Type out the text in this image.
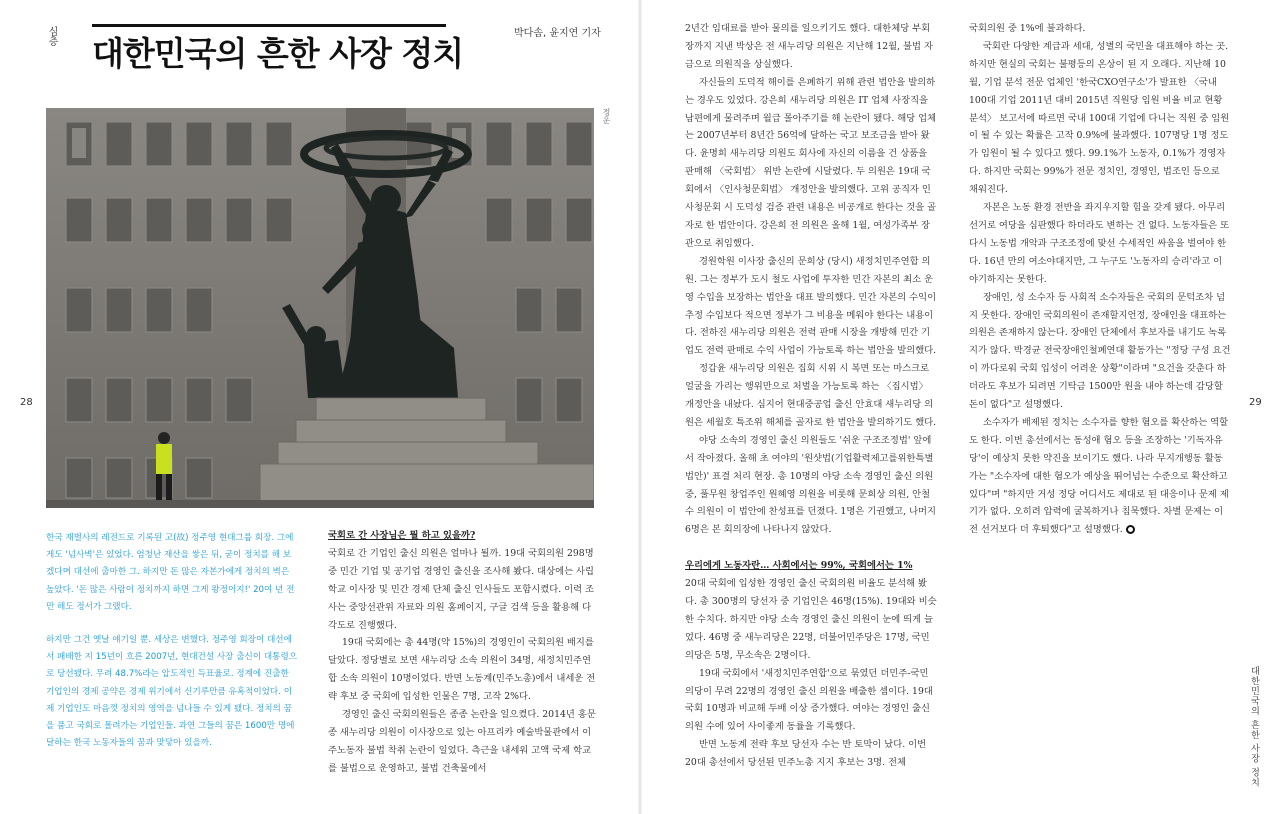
심층 대한민국의 흔한 사장 정치
박다솜, 윤지연 기자
정운
28

한국 재벌사의 레전드로 기록된 고(故) 정주영 현대그룹 회장. 그에게도 '넘사벽'은 있었다. 엄청난 재산을 쌓은 뒤, 굳이 정치를 해 보겠다며 대선에 출마한 그. 하지만 돈 많은 자본가에게 정치의 벽은 높았다. '돈 많은 사람이 정치까지 하면 그게 왕정이지!' 20여 년 전만 해도 정서가 그랬다.

하지만 그건 옛날 얘기일 뿐. 세상은 변했다. 정주영 회장이 대선에서 패배한 지 15년이 흐른 2007년, 현대건설 사장 출신이 대통령으로 당선됐다. 무려 48.7%라는 압도적인 득표율로. 정계에 진출한 기업인의 경제 공약은 경제 위기에서 신기루만큼 유혹적이었다. 이제 기업인도 마음껏 정치의 영역을 넘나들 수 있게 됐다. 정치의 꿈을 품고 국회로 몰려가는 기업인들. 과연 그들의 꿈은 1600만 명에 달하는 한국 노동자들의 꿈과 맞닿아 있을까.

국회로 간 사장님은 뭘 하고 있을까?

국회로 간 기업인 출신 의원은 얼마나 될까. 19대 국회의원 298명 중 민간 기업 및 공기업 경영인 출신을 조사해 봤다. 대상에는 사립 학교 이사장 및 민간 경제 단체 출신 인사들도 포함시켰다. 이력 조사는 중앙선관위 자료와 의원 홈페이지, 구글 검색 등을 활용해 다각도로 진행했다.

19대 국회에는 총 44명(약 15%)의 경영인이 국회의원 배지를 달았다. 정당별로 보면 새누리당 소속 의원이 34명, 새정치민주연합 소속 의원이 10명이었다. 반면 노동계(민주노총)에서 내세운 전략 후보 중 국회에 입성한 인물은 7명, 고작 2%다.

경영인 출신 국회의원들은 종종 논란을 일으켰다. 2014년 홍문종 새누리당 의원이 이사장으로 있는 아프리카 예술박물관에서 이주노동자 불법 착취 논란이 일었다. 측근을 내세워 고액 국제 학교를 불법으로 운영하고, 불법 건축물에서

2년간 임대료를 받아 물의를 일으키기도 했다. 대한체당 부회장까지 지낸 박상은 전 새누리당 의원은 지난해 12월, 불법 자금으로 의원직을 상실했다.

자신들의 도덕적 해이를 은폐하기 위해 관련 법안을 발의하는 경우도 있었다. 강은희 새누리당 의원은 IT 업체 사장직을 남편에게 물려주며 월급 몰아주기를 해 논란이 됐다. 해당 업체는 2007년부터 8년간 56억에 달하는 국고 보조금을 받아 왔다. 윤명희 새누리당 의원도 회사에 자신의 이름을 건 상품을 판매해 〈국회법〉 위반 논란에 시달렸다. 두 의원은 19대 국회에서 〈인사청문회법〉 개정안을 발의했다. 고위 공직자 인사청문회 시 도덕성 검증 관련 내용은 비공개로 한다는 것을 골자로 한 법안이다. 강은희 전 의원은 올해 1월, 여성가족부 장관으로 취임했다.

경원학원 이사장 출신의 문희상 (당시) 새정치민주연합 의원. 그는 정부가 도시 철도 사업에 투자한 민간 자본의 최소 운영 수입을 보장하는 법안을 대표 발의했다. 민간 자본의 수익이 추정 수입보다 적으면 정부가 그 비용을 메워야 한다는 내용이다. 전하진 새누리당 의원은 전력 판매 시장을 개방해 민간 기업도 전력 판매로 수익 사업이 가능토록 하는 법안을 발의했다.

정갑윤 새누리당 의원은 집회 시위 시 복면 또는 마스크로 얼굴을 가리는 행위만으로 처벌을 가능토록 하는 〈집시법〉 개정안을 내놨다. 심지어 현대중공업 출신 안효대 새누리당 의원은 세월호 특조위 해체를 골자로 한 법안을 발의하기도 했다.

야당 소속의 경영인 출신 의원들도 '쉬운 구조조정법' 앞에서 작아졌다. 올해 초 여야의 '원샷법(기업활력제고를위한특별법안)' 표결 처리 현장. 총 10명의 야당 소속 경영인 출신 의원 중, 풀무원 창업주인 원혜영 의원을 비롯해 문희상 의원, 안철수 의원이 이 법안에 찬성표를 던졌다. 1명은 기권했고, 나머지 6명은 본 회의장에 나타나지 않았다.

우리에게 노동자란… 사회에서는 99%, 국회에서는 1%

20대 국회에 입성한 경영인 출신 국회의원 비율도 분석해 봤다. 총 300명의 당선자 중 기업인은 46명(15%). 19대와 비슷한 수치다. 하지만 야당 소속 경영인 출신 의원이 눈에 띄게 늘었다. 46명 중 새누리당은 22명, 더불어민주당은 17명, 국민의당은 5명, 무소속은 2명이다.

19대 국회에서 '새정치민주연합'으로 묶였던 더민주-국민의당이 무려 22명의 경영인 출신 의원을 배출한 셈이다. 19대 국회 10명과 비교해 두배 이상 증가했다. 여야는 경영인 출신 의원 수에 있어 사이좋게 동률을 기록했다.

반면 노동계 전략 후보 당선자 수는 반 토막이 났다. 이번 20대 총선에서 당선된 민주노총 지지 후보는 3명. 전체

국회의원 중 1%에 불과하다.

국회란 다양한 계급과 세대, 성별의 국민을 대표해야 하는 곳. 하지만 현실의 국회는 불평등의 온상이 된 지 오래다. 지난해 10월, 기업 분석 전문 업체인 '한국CXO연구소'가 발표한 〈국내 100대 기업 2011년 대비 2015년 직원당 임원 비율 비교 현황 분석〉 보고서에 따르면 국내 100대 기업에 다니는 직원 중 임원이 될 수 있는 확률은 고작 0.9%에 불과했다. 107명당 1명 정도가 임원이 될 수 있다고 했다. 99.1%가 노동자, 0.1%가 경영자다. 하지만 국회는 99%가 전문 정치인, 경영인, 법조인 등으로 채워진다.

자본은 노동 환경 전반을 좌지우지할 힘을 갖게 됐다. 아무리 선거로 여당을 심판했다 하더라도 변하는 건 없다. 노동자들은 또다시 노동법 개악과 구조조정에 맞선 수세적인 싸움을 벌여야 한다. 16년 만의 여소야대지만, 그 누구도 '노동자의 승리'라고 이야기하지는 못한다.

장애인, 성 소수자 등 사회적 소수자들은 국회의 문턱조차 넘지 못한다. 장애인 국회의원이 존재할지언정, 장애인을 대표하는 의원은 존재하지 않는다. 장애인 단체에서 후보자를 내기도 녹록지가 않다. 박경균 전국장애인철폐연대 활동가는 "정당 구성 요건이 까다로워 국회 입성이 어려운 상황"이라며 "요건을 갖춘다 하더라도 후보가 되려면 기탁금 1500만 원을 내야 하는데 감당할 돈이 없다"고 설명했다.

소수자가 배제된 정치는 소수자를 향한 혐오를 확산하는 역할도 한다. 이번 총선에서는 동성애 혐오 등을 조장하는 '기독자유당'이 예상치 못한 약진을 보이기도 했다. 나라 무지개행동 활동가는 "소수자에 대한 혐오가 예상을 뛰어넘는 수준으로 확산하고 있다"며 "하지만 거성 정당 어디서도 제대로 된 대응이나 문제 제기가 없다. 오히려 압력에 굴복하거나 침묵했다. 차별 문제는 이전 선거보다 더 후퇴했다"고 설명했다.

29
대한민국의 흔한 사장 정치
